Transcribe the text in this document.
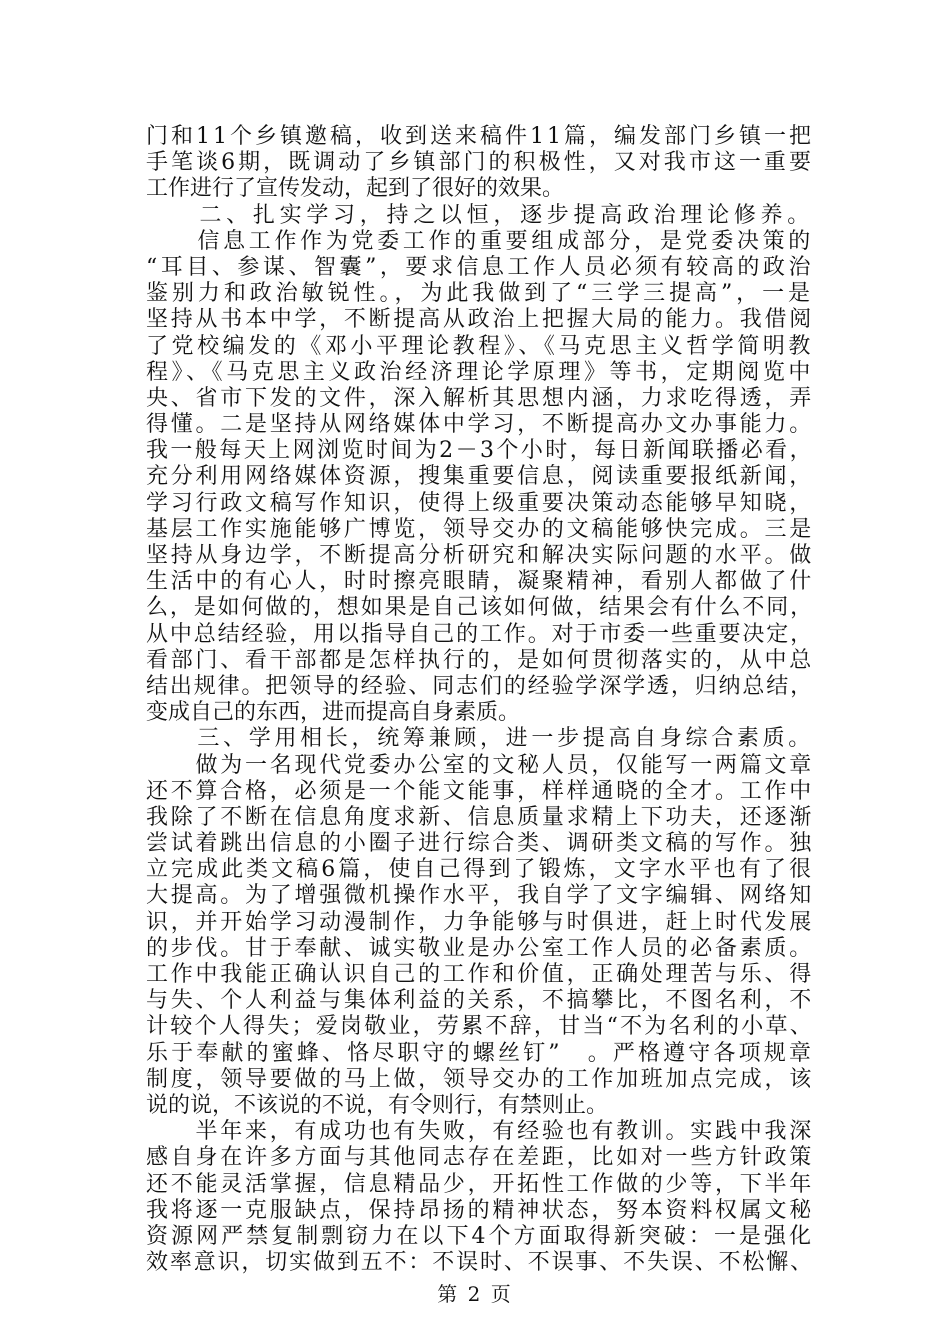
门和11个乡镇邀稿，收到送来稿件11篇，编发部门乡镇一把
手笔谈6期，既调动了乡镇部门的积极性，又对我市这一重要
工作进行了宣传发动，起到了很好的效果。
　　二、扎实学习，持之以恒，逐步提高政治理论修养。
　　信息工作作为党委工作的重要组成部分，是党委决策的
“耳目、参谋、智囊”，要求信息工作人员必须有较高的政治
鉴别力和政治敏锐性。，为此我做到了“三学三提高”，一是
坚持从书本中学，不断提高从政治上把握大局的能力。我借阅
了党校编发的《邓小平理论教程》、《马克思主义哲学简明教
程》、《马克思主义政治经济理论学原理》等书，定期阅览中
央、省市下发的文件，深入解析其思想内涵，力求吃得透，弄
得懂。二是坚持从网络媒体中学习，不断提高办文办事能力。
我一般每天上网浏览时间为2－3个小时，每日新闻联播必看，
充分利用网络媒体资源，搜集重要信息，阅读重要报纸新闻，
学习行政文稿写作知识，使得上级重要决策动态能够早知晓，
基层工作实施能够广博览，领导交办的文稿能够快完成。三是
坚持从身边学，不断提高分析研究和解决实际问题的水平。做
生活中的有心人，时时擦亮眼睛，凝聚精神，看别人都做了什
么，是如何做的，想如果是自己该如何做，结果会有什么不同，
从中总结经验，用以指导自己的工作。对于市委一些重要决定，
看部门、看干部都是怎样执行的，是如何贯彻落实的，从中总
结出规律。把领导的经验、同志们的经验学深学透，归纳总结，
变成自己的东西，进而提高自身素质。
　　三、学用相长，统筹兼顾，进一步提高自身综合素质。
　　做为一名现代党委办公室的文秘人员，仅能写一两篇文章
还不算合格，必须是一个能文能事，样样通晓的全才。工作中
我除了不断在信息角度求新、信息质量求精上下功夫，还逐渐
尝试着跳出信息的小圈子进行综合类、调研类文稿的写作。独
立完成此类文稿6篇，使自己得到了锻炼，文字水平也有了很
大提高。为了增强微机操作水平，我自学了文字编辑、网络知
识，并开始学习动漫制作，力争能够与时俱进，赶上时代发展
的步伐。甘于奉献、诚实敬业是办公室工作人员的必备素质。
工作中我能正确认识自己的工作和价值，正确处理苦与乐、得
与失、个人利益与集体利益的关系，不搞攀比，不图名利，不
计较个人得失；爱岗敬业，劳累不辞，甘当“不为名利的小草、
乐于奉献的蜜蜂、恪尽职守的螺丝钉”　。严格遵守各项规章
制度，领导要做的马上做，领导交办的工作加班加点完成，该
说的说，不该说的不说，有令则行，有禁则止。
　　半年来，有成功也有失败，有经验也有教训。实践中我深
感自身在许多方面与其他同志存在差距，比如对一些方针政策
还不能灵活掌握，信息精品少，开拓性工作做的少等，下半年
我将逐一克服缺点，保持昂扬的精神状态，努本资料权属文秘
资源网严禁复制剽窃力在以下4个方面取得新突破：一是强化
效率意识，切实做到五不：不误时、不误事、不失误、不松懈、
第 2 页
